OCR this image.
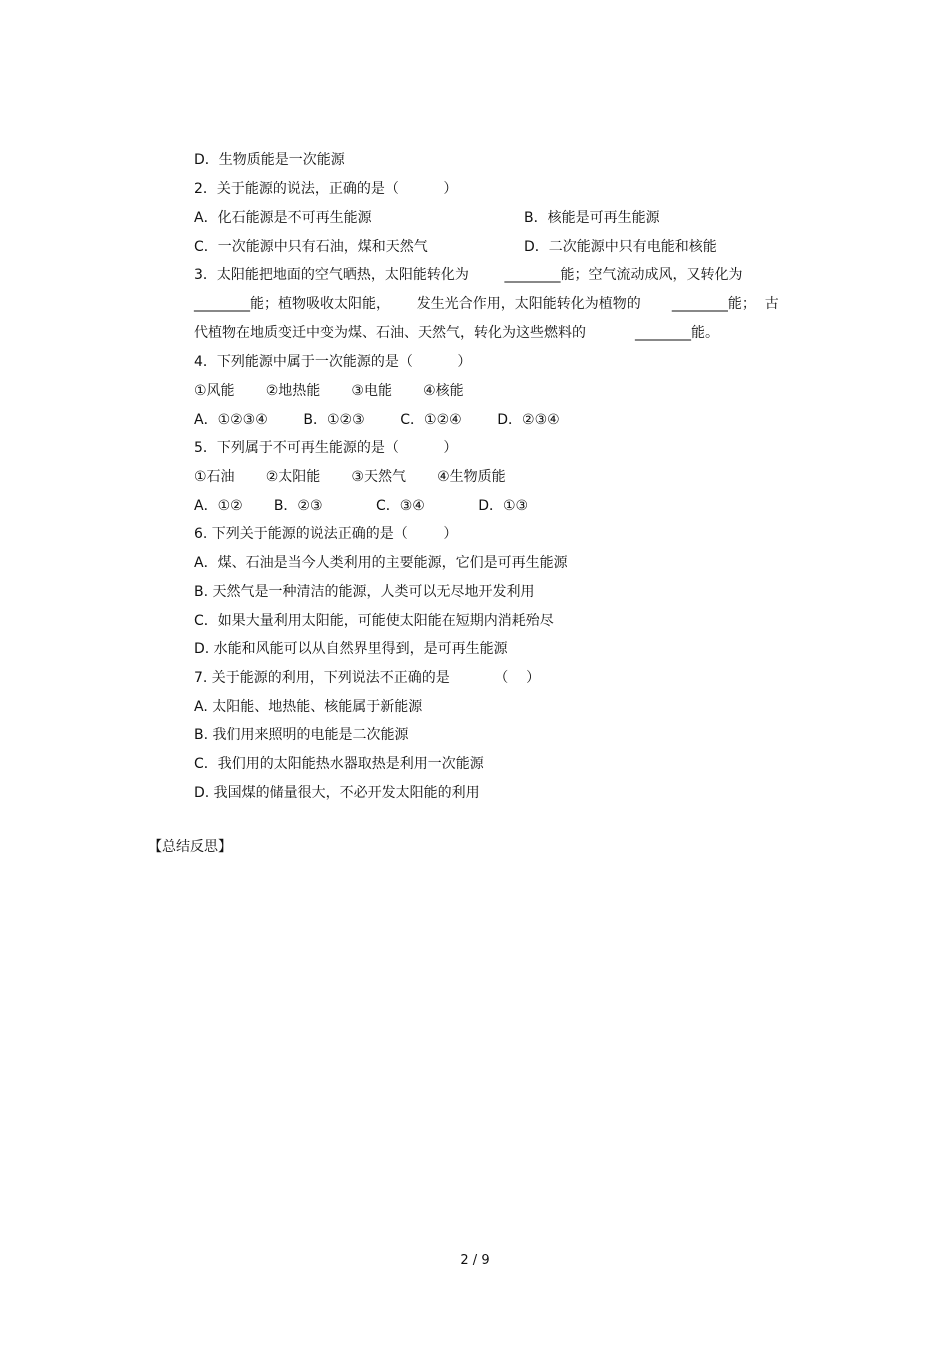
D．生物质能是一次能源
2．关于能源的说法，正确的是（          ）
A．化石能源是不可再生能源	B．核能是可再生能源
C．一次能源中只有石油，煤和天然气	D．二次能源中只有电能和核能
3．太阳能把地面的空气晒热，太阳能转化为        ________能；空气流动成风，又转化为
________能；植物吸收太阳能，      发生光合作用，太阳能转化为植物的       ________能；  古
代植物在地质变迁中变为煤、石油、天然气，转化为这些燃料的           ________能。
4．下列能源中属于一次能源的是（          ）
①风能       ②地热能       ③电能       ④核能
A．①②③④        B．①②③        C．①②④        D．②③④
5．下列属于不可再生能源的是（          ）
①石油       ②太阳能       ③天然气       ④生物质能
A．①②       B．②③            C．③④            D．①③
6. 下列关于能源的说法正确的是（        ）
A．煤、石油是当今人类利用的主要能源，它们是可再生能源
B. 天然气是一种清洁的能源，人类可以无尽地开发利用
C．如果大量利用太阳能，可能使太阳能在短期内消耗殆尽
D. 水能和风能可以从自然界里得到，是可再生能源
7. 关于能源的利用，下列说法不正确的是          （    ）
A. 太阳能、地热能、核能属于新能源
B. 我们用来照明的电能是二次能源
C．我们用的太阳能热水器取热是利用一次能源
D. 我国煤的储量很大，不必开发太阳能的利用
【总结反思】
2 / 9
